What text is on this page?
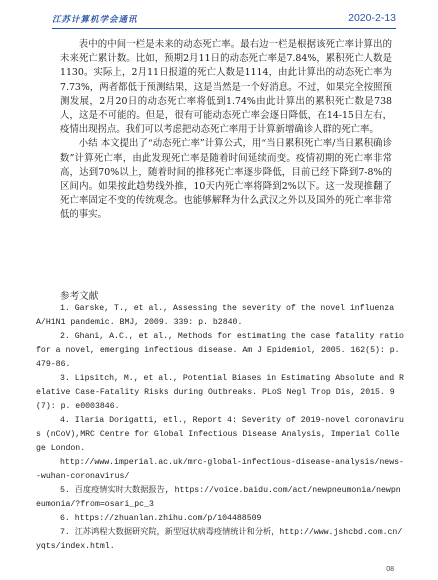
江苏计算机学会通讯	2020-2-13

表中的中间一栏是未来的动态死亡率。最右边一栏是根据该死亡率计算出的未来死亡累计数。比如，预期2月11日的动态死亡率是7.84%，累积死亡人数是1130。实际上，2月11日报道的死亡人数是1114，由此计算出的动态死亡率为7.73%，两者都低于预测结果，这是当然是一个好消息。不过，如果完全按照预测发展，2月20日的动态死亡率将低到1.74%由此计算出的累积死亡数是738人，这是不可能的。但是，很有可能动态死亡率会逐日降低，在14-15日左右，疫情出现拐点。我们可以考虑把动态死亡率用于计算新增确诊人群的死亡率。

小结 本文提出了“动态死亡率”计算公式，用“当日累积死亡率/当日累积确诊数”计算死亡率，由此发现死亡率是随着时间延续而变。疫情初期的死亡率非常高，达到70%以上，随着时间的推移死亡率逐步降低，目前已经下降到7-8%的区间内。如果按此趋势线外推，10天内死亡率将降到2%以下。这一发现推翻了死亡率固定不变的传统观念。也能够解释为什么武汉之外以及国外的死亡率非常低的事实。

参考文献
1. Garske, T., et al., Assessing the severity of the novel influenza A/H1N1 pandemic. BMJ, 2009. 339: p. b2840.
2. Ghani, A.C., et al., Methods for estimating the case fatality ratio for a novel, emerging infectious disease. Am J Epidemiol, 2005. 162(5): p. 479-86.
3. Lipsitch, M., et al., Potential Biases in Estimating Absolute and Relative Case-Fatality Risks during Outbreaks. PLoS Negl Trop Dis, 2015. 9(7): p. e0003846.
4. Ilaria Dorigatti, etl., Report 4: Severity of 2019-novel coronavirus (nCoV),MRC Centre for Global Infectious Disease Analysis, Imperial College London.
http://www.imperial.ac.uk/mrc-global-infectious-disease-analysis/news--wuhan-coronavirus/
5. 百度疫情实时大数据报告, https://voice.baidu.com/act/newpneumonia/newpneumonia/?from=osari_pc_3
6. https://zhuanlan.zhihu.com/p/104488509
7. 江苏鸿程大数据研究院，新型冠状病毒疫情统计和分析，http://www.jshcbd.com.cn/yqts/index.html.
08
